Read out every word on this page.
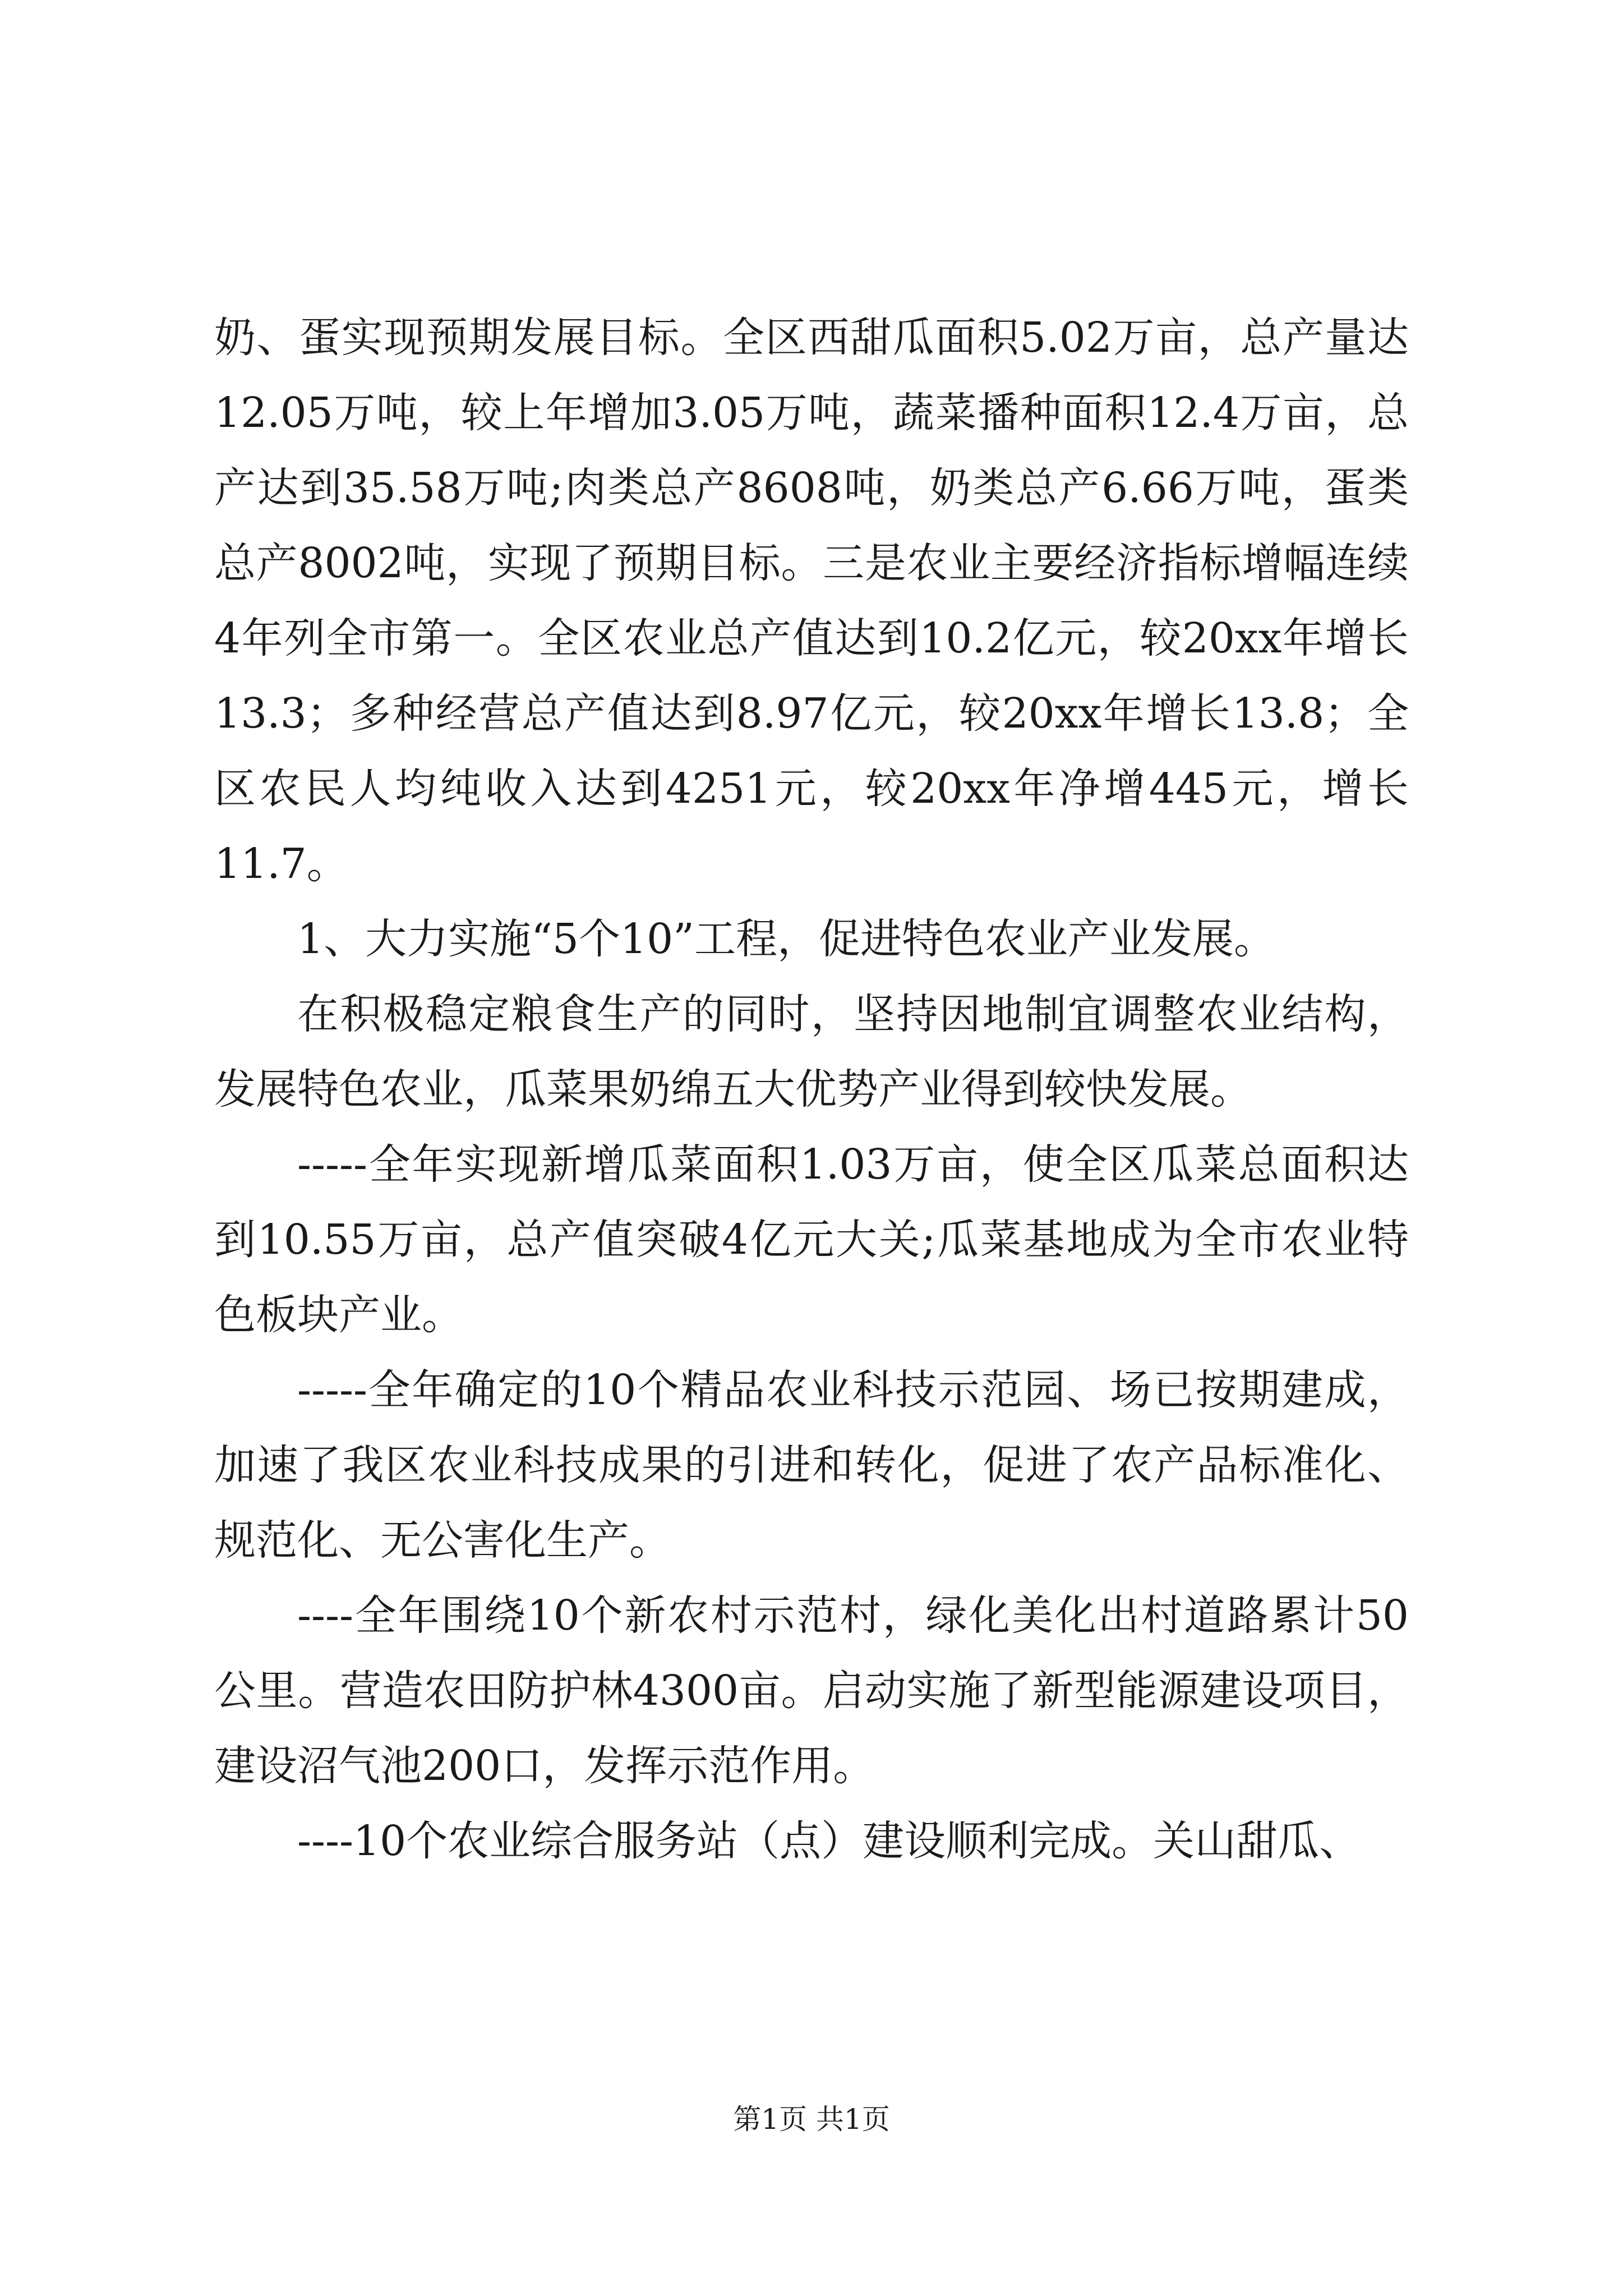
奶、蛋实现预期发展目标。全区西甜瓜面积5.02万亩，总产量达12.05万吨，较上年增加3.05万吨，蔬菜播种面积12.4万亩，总产达到35.58万吨;肉类总产8608吨，奶类总产6.66万吨，蛋类总产8002吨，实现了预期目标。三是农业主要经济指标增幅连续4年列全市第一。全区农业总产值达到10.2亿元，较20xx年增长13.3；多种经营总产值达到8.97亿元，较20xx年增长13.8；全区农民人均纯收入达到4251元，较20xx年净增445元，增长11.7。

1、大力实施“5个10”工程，促进特色农业产业发展。

在积极稳定粮食生产的同时，坚持因地制宜调整农业结构，发展特色农业，瓜菜果奶绵五大优势产业得到较快发展。

-----全年实现新增瓜菜面积1.03万亩，使全区瓜菜总面积达到10.55万亩，总产值突破4亿元大关;瓜菜基地成为全市农业特色板块产业。

-----全年确定的10个精品农业科技示范园、场已按期建成，加速了我区农业科技成果的引进和转化，促进了农产品标准化、规范化、无公害化生产。

----全年围绕10个新农村示范村，绿化美化出村道路累计50公里。营造农田防护林4300亩。启动实施了新型能源建设项目，建设沼气池200口，发挥示范作用。

----10个农业综合服务站（点）建设顺利完成。关山甜瓜、

第1页 共1页
